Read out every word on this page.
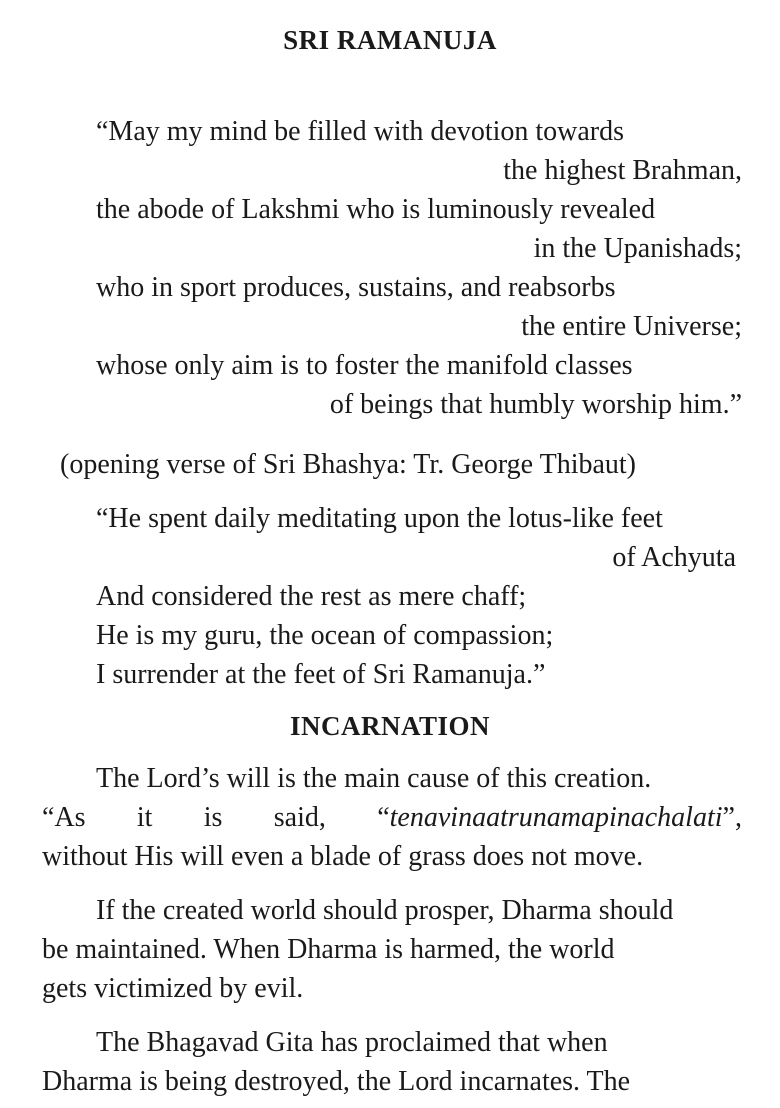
SRI RAMANUJA
“May my mind be filled with devotion towards
the highest Brahman,
the abode of Lakshmi who is luminously revealed
in the Upanishads;
who in sport produces, sustains, and reabsorbs
the entire Universe;
whose only aim is to foster the manifold classes
of beings that humbly worship him.”
(opening verse of Sri Bhashya: Tr. George Thibaut)
“He spent daily meditating upon the lotus-like feet
of Achyuta
And considered the rest as mere chaff;
He is my guru, the ocean of compassion;
I surrender at the feet of Sri Ramanuja.”
INCARNATION
The Lord’s will is the main cause of this creation.
“As it is said, “tenavinaatrunamapinachalati”,
without His will even a blade of grass does not move.
If the created world should prosper, Dharma should
be maintained. When Dharma is harmed, the world
gets victimized by evil.
The Bhagavad Gita has proclaimed that when
Dharma is being destroyed, the Lord incarnates. The
